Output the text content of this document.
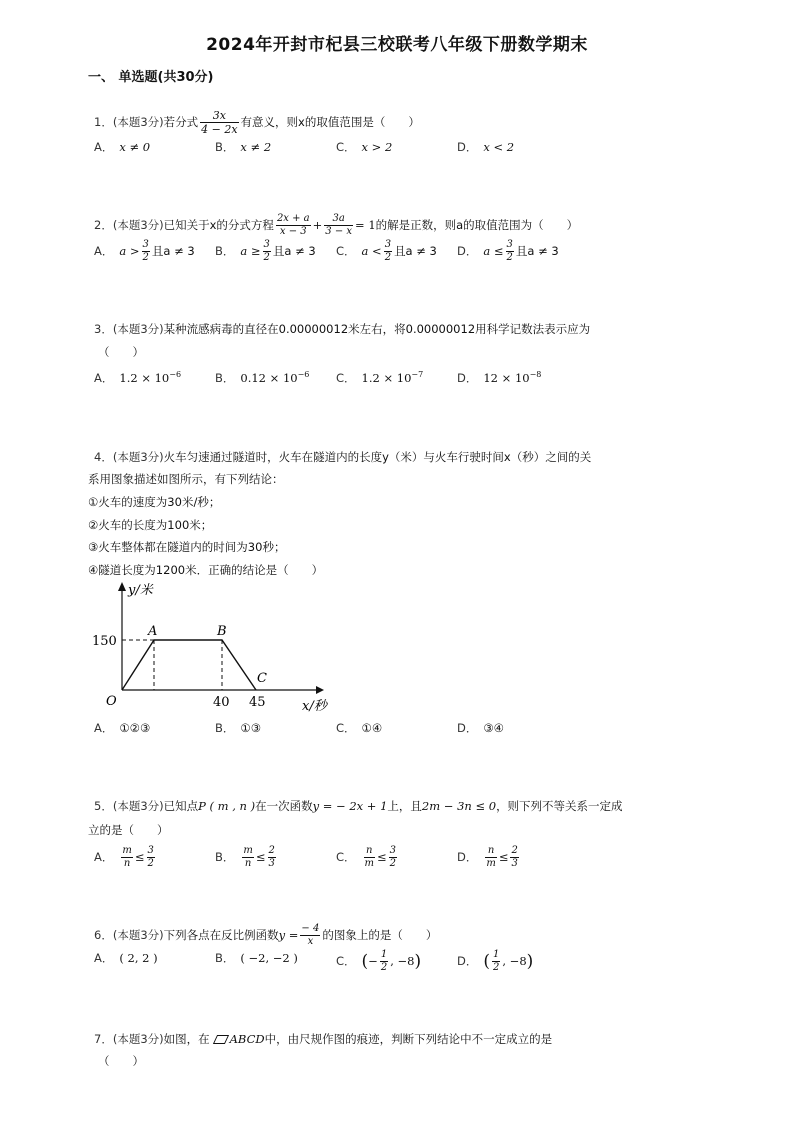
2024年开封市杞县三校联考八年级下册数学期末
一、 单选题(共30分)
1．(本题3分)若分式 $\frac{3x}{4 - 2x}$ 有意义，则x的取值范围是（　　）
A． x ≠ 0	B． x ≠ 2	C． x > 2	D． x < 2
2．(本题3分)已知关于x的分式方程 $\frac{2x + a}{x - 3} + \frac{3a}{3 - x} = 1$的解是正数，则a的取值范围为（　　）
A． $a > \frac{3}{2}$ 且a ≠ 3 B． $a \ge \frac{3}{2}$ 且a ≠ 3 C． $a < \frac{3}{2}$ 且a ≠ 3 D． $a \le \frac{3}{2}$ 且a ≠ 3
3．(本题3分)某种流感病毒的直径在0.00000012米左右，将0.00000012用科学记数法表示应为
（　　）
A． $1.2 \times 10^{-6}$	B． $0.12 \times 10^{-6}$ C． $1.2 \times 10^{-7}$	D． $12 \times 10^{-8}$
4．(本题3分)火车匀速通过隧道时，火车在隧道内的长度y（米）与火车行驶时间x（秒）之间的关
系用图象描述如图所示，有下列结论：
①火车的速度为30米/秒；
②火车的长度为100米；
③火车整体都在隧道内的时间为30秒；
④隧道长度为1200米．正确的结论是（　　）
y/米
x/秒
150
40 45
O
A	B
C
A． ①②③	B． ①③	C． ①④	D． ③④
5．(本题3分)已知点P ( m , n )在一次函数y = − 2x + 1上，且2m − 3n ≤ 0，则下列不等关系一定成
立的是（　　）
A． $\frac{m}{n} \le \frac{3}{2}$	B． $\frac{m}{n} \le \frac{2}{3}$	C． $\frac{n}{m} \le \frac{3}{2}$	D． $\frac{n}{m} \le \frac{2}{3}$
6．(本题3分)下列各点在反比例函数$y = \frac{- 4}{x}$ 的图象上的是（　　）
A． ( 2, 2 )	B． ( −2, −2 )	C． (− $\frac{1}{2}$ , −8)	D． ( $\frac{1}{2}$ , −8)
7．(本题3分)如图，在 ABCD中，由尺规作图的痕迹，判断下列结论中不一定成立的是
（　　）
